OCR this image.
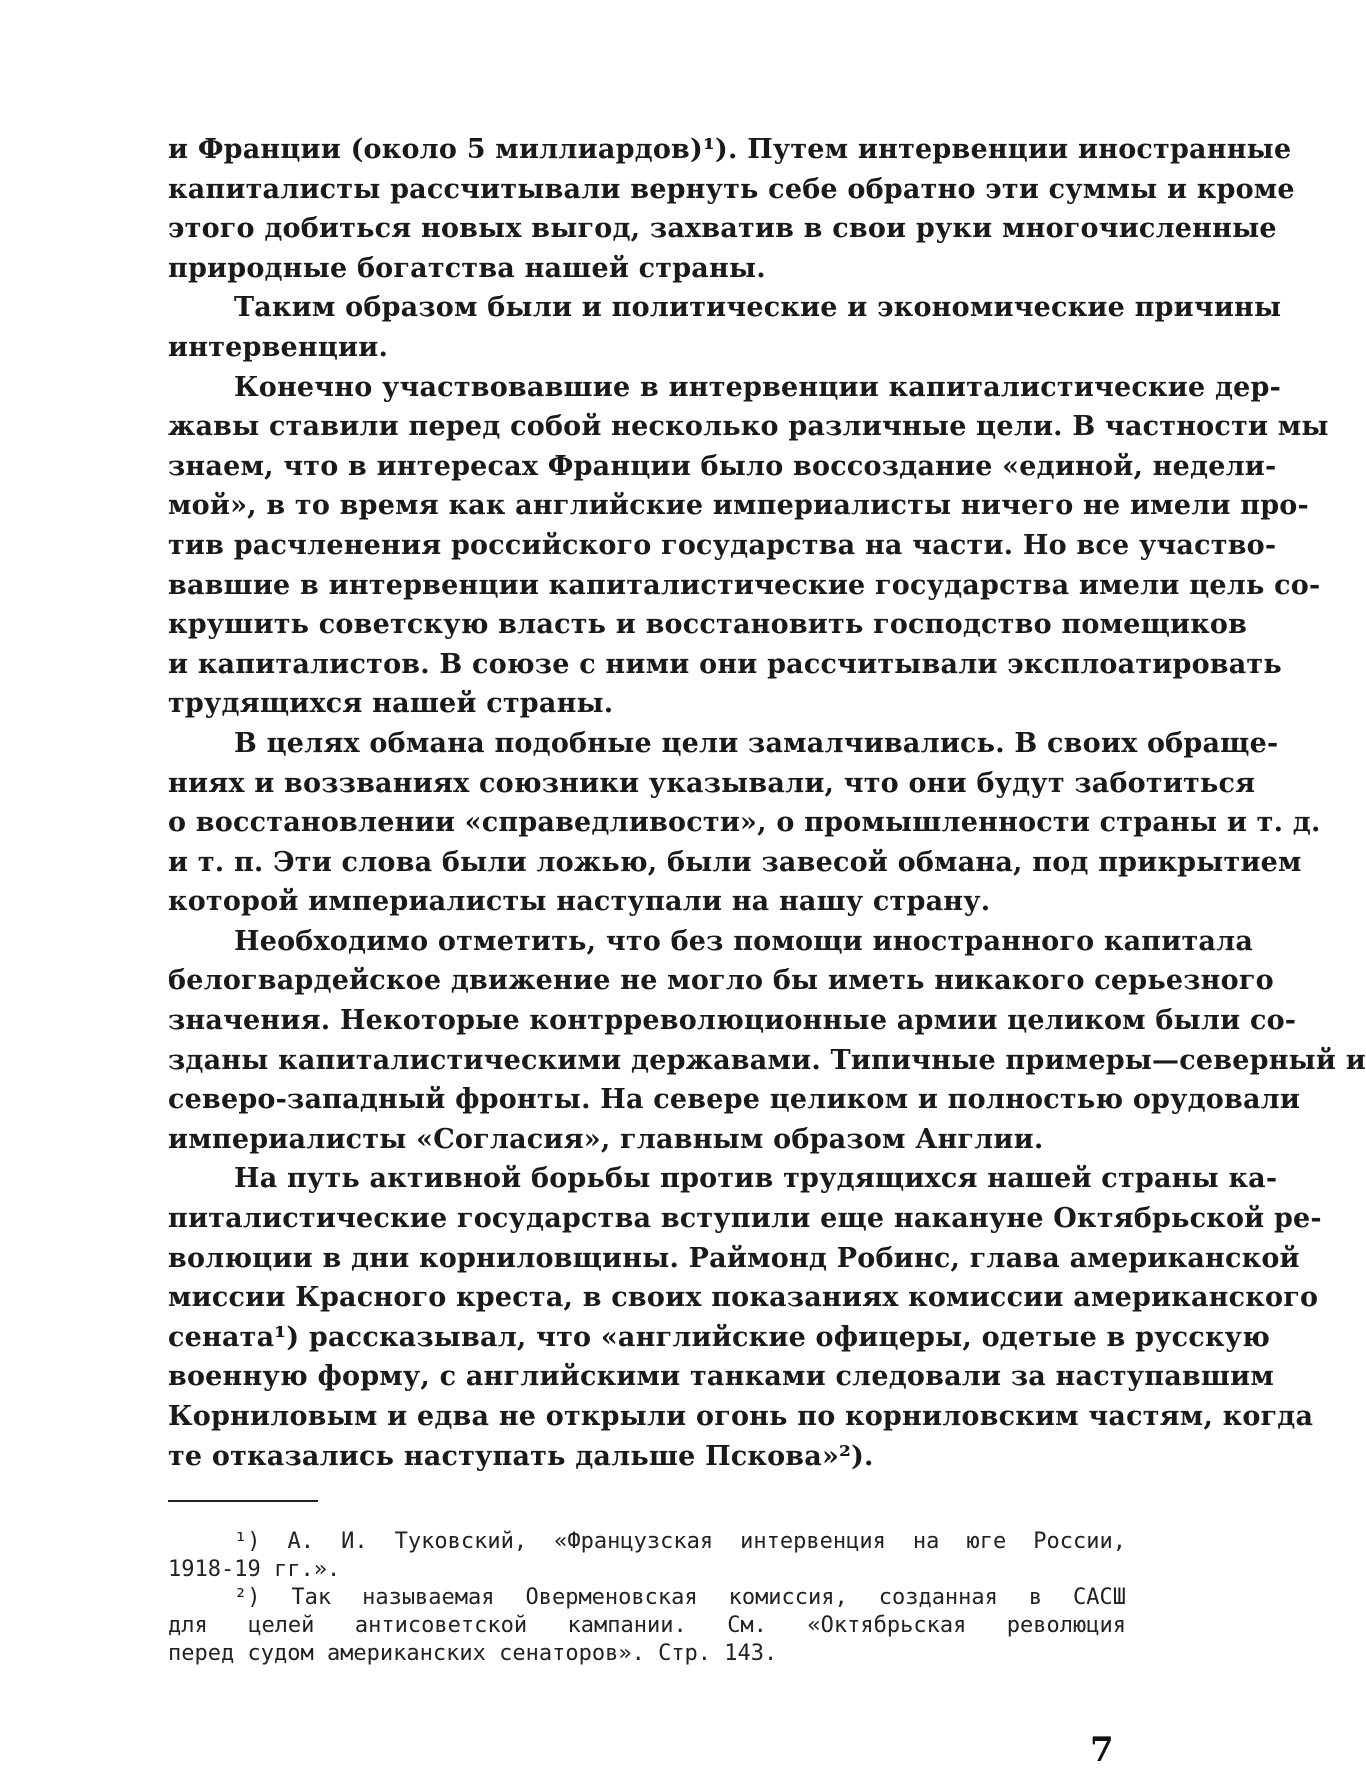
и Франции (около 5 миллиардов)¹). Путем интервенции иностранные
капиталисты рассчитывали вернуть себе обратно эти суммы и кроме
этого добиться новых выгод, захватив в свои руки многочисленные
природные богатства нашей страны.
Таким образом были и политические и экономические причины
интервенции.
Конечно участвовавшие в интервенции капиталистические дер-
жавы ставили перед собой несколько различные цели. В частности мы
знаем, что в интересах Франции было воссоздание «единой, недели-
мой», в то время как английские империалисты ничего не имели про-
тив расчленения российского государства на части. Но все участво-
вавшие в интервенции капиталистические государства имели цель со-
крушить советскую власть и восстановить господство помещиков
и капиталистов. В союзе с ними они рассчитывали эксплоатировать
трудящихся нашей страны.
В целях обмана подобные цели замалчивались. В своих обраще-
ниях и воззваниях союзники указывали, что они будут заботиться
о восстановлении «справедливости», о промышленности страны и т. д.
и т. п. Эти слова были ложью, были завесой обмана, под прикрытием
которой империалисты наступали на нашу страну.
Необходимо отметить, что без помощи иностранного капитала
белогвардейское движение не могло бы иметь никакого серьезного
значения. Некоторые контрреволюционные армии целиком были со-
зданы капиталистическими державами. Типичные примеры—северный и
северо-западный фронты. На севере целиком и полностью орудовали
империалисты «Согласия», главным образом Англии.
На путь активной борьбы против трудящихся нашей страны ка-
питалистические государства вступили еще накануне Октябрьской ре-
волюции в дни корниловщины. Раймонд Робинс, глава американской
миссии Красного креста, в своих показаниях комиссии американского
сената¹) рассказывал, что «английские офицеры, одетые в русскую
военную форму, с английскими танками следовали за наступавшим
Корниловым и едва не открыли огонь по корниловским частям, когда
те отказались наступать дальше Пскова»²).
¹) А. И. Туковский, «Французская интервенция на юге России,
1918-19 гг.».
²) Так называемая Оверменовская комиссия, созданная в САСШ
для целей антисоветской кампании. См. «Октябрьская революция
перед судом американских сенаторов». Стр. 143.
7
